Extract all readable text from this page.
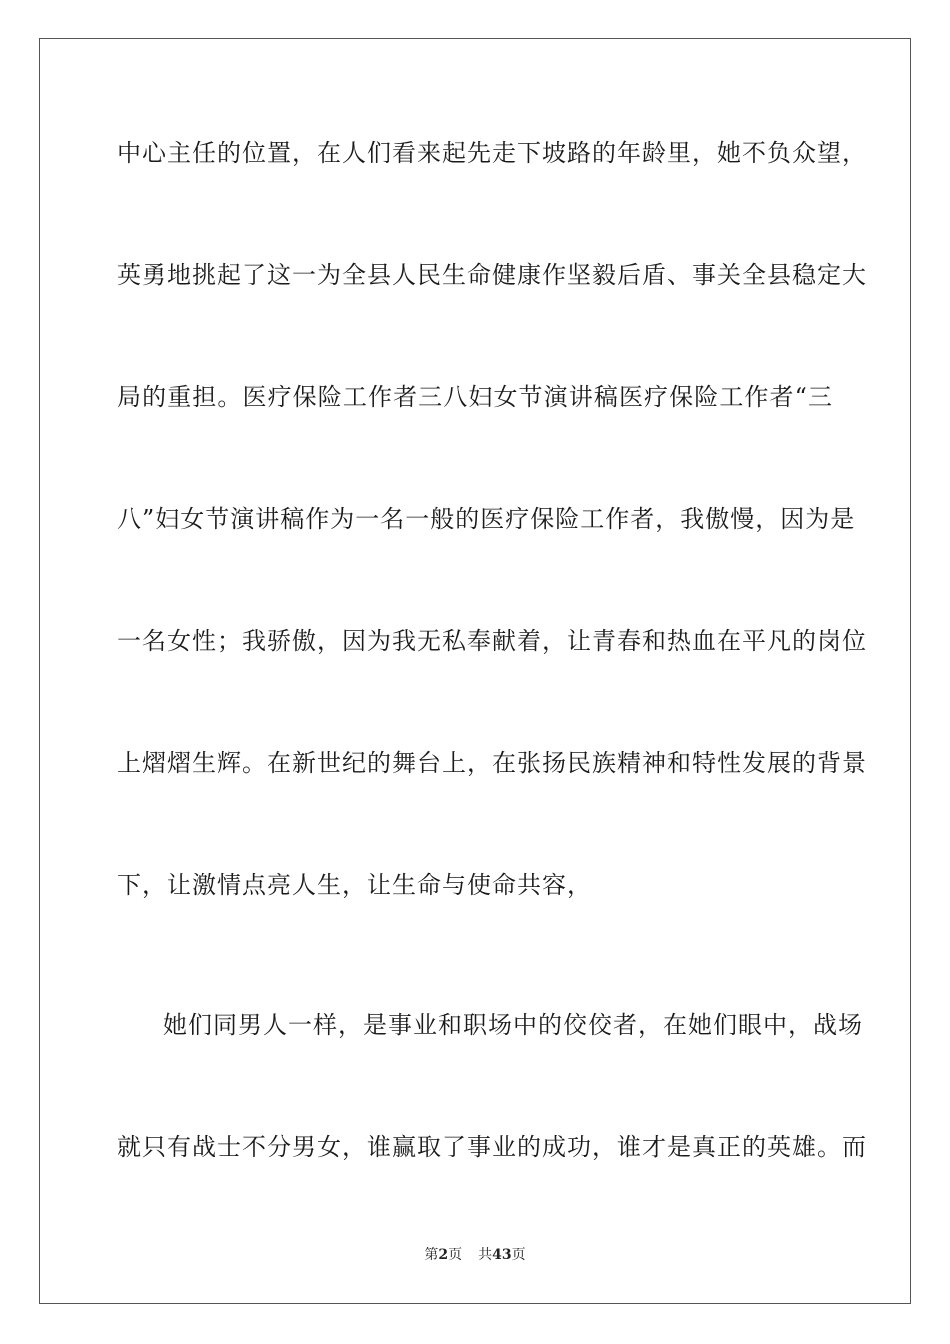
中心主任的位置，在人们看来起先走下坡路的年龄里，她不负众望，
英勇地挑起了这一为全县人民生命健康作坚毅后盾、事关全县稳定大
局的重担。医疗保险工作者三八妇女节演讲稿医疗保险工作者“三
八”妇女节演讲稿作为一名一般的医疗保险工作者，我傲慢，因为是
一名女性；我骄傲，因为我无私奉献着，让青春和热血在平凡的岗位
上熠熠生辉。在新世纪的舞台上，在张扬民族精神和特性发展的背景
下，让激情点亮人生，让生命与使命共容，
她们同男人一样，是事业和职场中的佼佼者，在她们眼中，战场
就只有战士不分男女，谁赢取了事业的成功，谁才是真正的英雄。而
第2页 共43页
